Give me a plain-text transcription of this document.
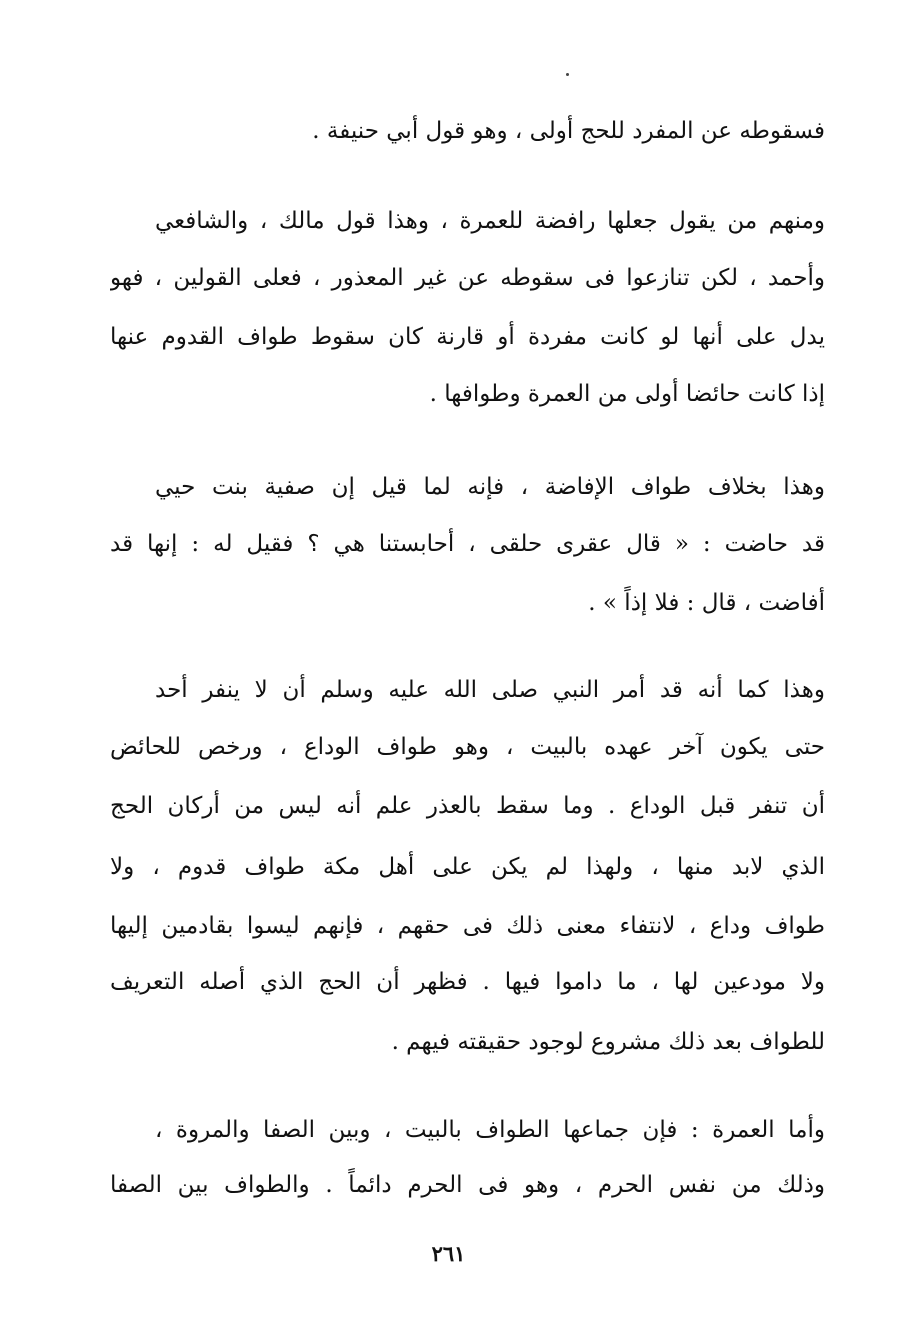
فسقوطه عن المفرد للحج أولى ، وهو قول أبي حنيفة .
ومنهم من يقول جعلها رافضة للعمرة ، وهذا قول مالك ، والشافعي
وأحمد ، لكن تنازعوا فى سقوطه عن غير المعذور ، فعلى القولين ، فهو
يدل على أنها لو كانت مفردة أو قارنة كان سقوط طواف القدوم عنها
إذا كانت حائضا أولى من العمرة وطوافها .
وهذا بخلاف طواف الإفاضة ، فإنه لما قيل إن صفية بنت حيي
قد حاضت : « قال عقرى حلقى ، أحابستنا هي ؟ فقيل له : إنها قد
أفاضت ، قال : فلا إذاً » .
وهذا كما أنه قد أمر النبي صلى الله عليه وسلم أن لا ينفر أحد
حتى يكون آخر عهده بالبيت ، وهو طواف الوداع ، ورخص للحائض
أن تنفر قبل الوداع . وما سقط بالعذر علم أنه ليس من أركان الحج
الذي لابد منها ، ولهذا لم يكن على أهل مكة طواف قدوم ، ولا
طواف وداع ، لانتفاء معنى ذلك فى حقهم ، فإنهم ليسوا بقادمين إليها
ولا مودعين لها ، ما داموا فيها . فظهر أن الحج الذي أصله التعريف
للطواف بعد ذلك مشروع لوجود حقيقته فيهم .
وأما العمرة : فإن جماعها الطواف بالبيت ، وبين الصفا والمروة ،
وذلك من نفس الحرم ، وهو فى الحرم دائماً . والطواف بين الصفا
٢٦١
